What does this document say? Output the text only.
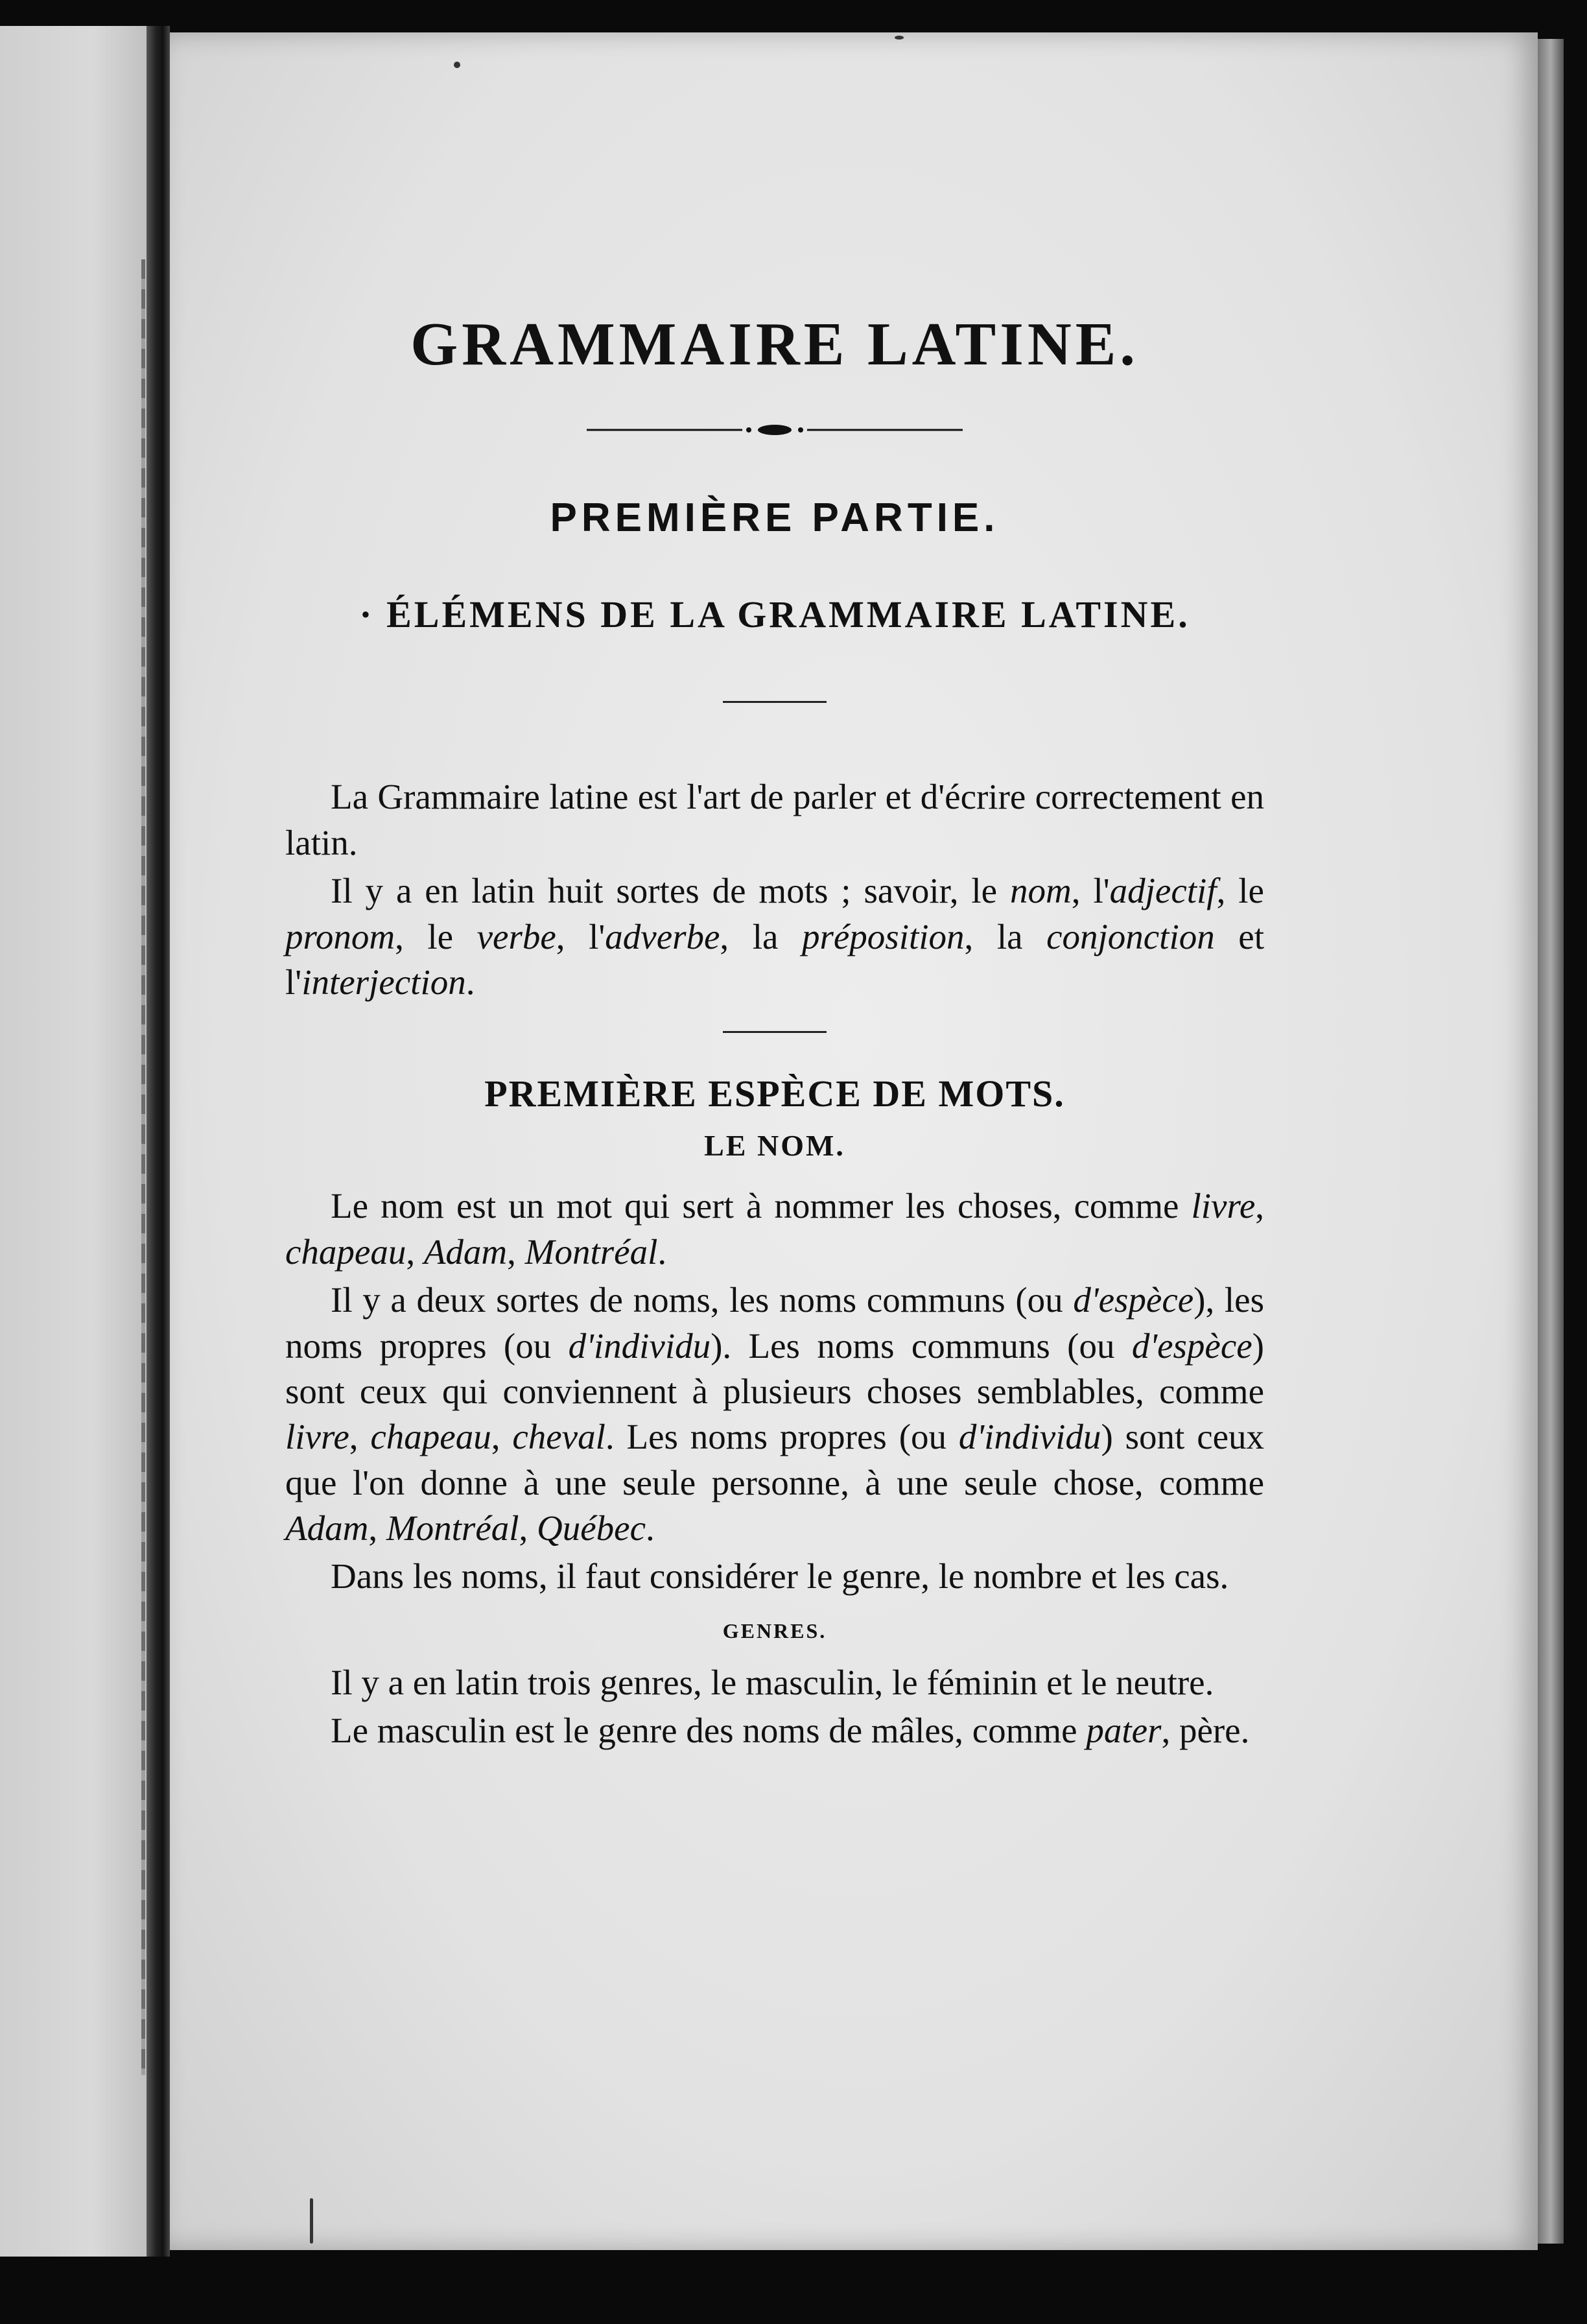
GRAMMAIRE LATINE.
PREMIÈRE PARTIE.
· ÉLÉMENS DE LA GRAMMAIRE LATINE.

La Grammaire latine est l'art de parler et d'écrire correctement en latin.

Il y a en latin huit sortes de mots ; savoir, le nom, l'adjectif, le pronom, le verbe, l'adverbe, la préposition, la conjonction et l'interjection.

PREMIÈRE ESPÈCE DE MOTS.
LE NOM.

Le nom est un mot qui sert à nommer les choses, comme livre, chapeau, Adam, Montréal.

Il y a deux sortes de noms, les noms communs (ou d'espèce), les noms propres (ou d'individu). Les noms communs (ou d'espèce) sont ceux qui conviennent à plusieurs choses semblables, comme livre, chapeau, cheval. Les noms propres (ou d'individu) sont ceux que l'on donne à une seule personne, à une seule chose, comme Adam, Montréal, Québec.

Dans les noms, il faut considérer le genre, le nombre et les cas.

GENRES.

Il y a en latin trois genres, le masculin, le féminin et le neutre.

Le masculin est le genre des noms de mâles, comme pater, père.
